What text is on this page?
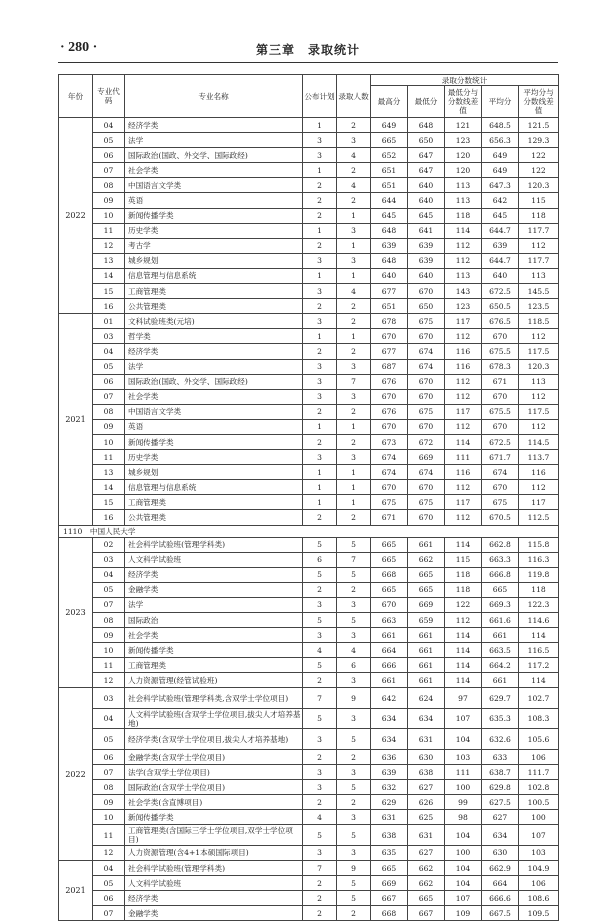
· 280 ·	第三章　录取统计
年份	专业代码	专业名称	公布计划	录取人数	录取分数统计				
					最高分	最低分	最低分与分数线差值	平均分	平均分与分数线差值
2022	04	经济学类	1	2	649	648	121	648.5	121.5
	05	法学	3	3	665	650	123	656.3	129.3
	06	国际政治(国政、外交学、国际政经)	3	4	652	647	120	649	122
	07	社会学类	1	2	651	647	120	649	122
	08	中国语言文学类	2	4	651	640	113	647.3	120.3
	09	英语	2	2	644	640	113	642	115
	10	新闻传播学类	2	1	645	645	118	645	118
	11	历史学类	1	3	648	641	114	644.7	117.7
	12	考古学	2	1	639	639	112	639	112
	13	城乡规划	3	3	648	639	112	644.7	117.7
	14	信息管理与信息系统	1	1	640	640	113	640	113
	15	工商管理类	3	4	677	670	143	672.5	145.5
	16	公共管理类	2	2	651	650	123	650.5	123.5
2021	01	文科试验班类(元培)	3	2	678	675	117	676.5	118.5
	03	哲学类	1	1	670	670	112	670	112
	04	经济学类	2	2	677	674	116	675.5	117.5
	05	法学	3	3	687	674	116	678.3	120.3
	06	国际政治(国政、外交学、国际政经)	3	7	676	670	112	671	113
	07	社会学类	3	3	670	670	112	670	112
	08	中国语言文学类	2	2	676	675	117	675.5	117.5
	09	英语	1	1	670	670	112	670	112
	10	新闻传播学类	2	2	673	672	114	672.5	114.5
	11	历史学类	3	3	674	669	111	671.7	113.7
	13	城乡规划	1	1	674	674	116	674	116
	14	信息管理与信息系统	1	1	670	670	112	670	112
	15	工商管理类	1	1	675	675	117	675	117
	16	公共管理类	2	2	671	670	112	670.5	112.5
1110　中国人民大学									
2023	02	社会科学试验班(管理学科类)	5	5	665	661	114	662.8	115.8
	03	人文科学试验班	6	7	665	662	115	663.3	116.3
	04	经济学类	5	5	668	665	118	666.8	119.8
	05	金融学类	2	2	665	665	118	665	118
	07	法学	3	3	670	669	122	669.3	122.3
	08	国际政治	5	5	663	659	112	661.6	114.6
	09	社会学类	3	3	661	661	114	661	114
	10	新闻传播学类	4	4	664	661	114	663.5	116.5
	11	工商管理类	5	6	666	661	114	664.2	117.2
	12	人力资源管理(经管试验班)	2	3	661	661	114	661	114
2022	03	社会科学试验班(管理学科类,含双学士学位项目)	7	9	642	624	97	629.7	102.7
	04	人文科学试验班(含双学士学位项目,拔尖人才培养基地)	5	3	634	634	107	635.3	108.3
	05	经济学类(含双学士学位项目,拔尖人才培养基地)	3	5	634	631	104	632.6	105.6
	06	金融学类(含双学士学位项目)	2	2	636	630	103	633	106
	07	法学(含双学士学位项目)	3	3	639	638	111	638.7	111.7
	08	国际政治(含双学士学位项目)	3	5	632	627	100	629.8	102.8
	09	社会学类(含直博项目)	2	2	629	626	99	627.5	100.5
	10	新闻传播学类	4	3	631	625	98	627	100
	11	工商管理类(含国际三学士学位项目,双学士学位项目)	5	5	638	631	104	634	107
	12	人力资源管理(含4+1本硕国际项目)	3	3	635	627	100	630	103
2021	04	社会科学试验班(管理学科类)	7	9	665	662	104	662.9	104.9
	05	人文科学试验班	2	5	669	662	104	664	106
	06	经济学类	2	5	667	665	107	666.6	108.6
	07	金融学类	2	2	668	667	109	667.5	109.5
